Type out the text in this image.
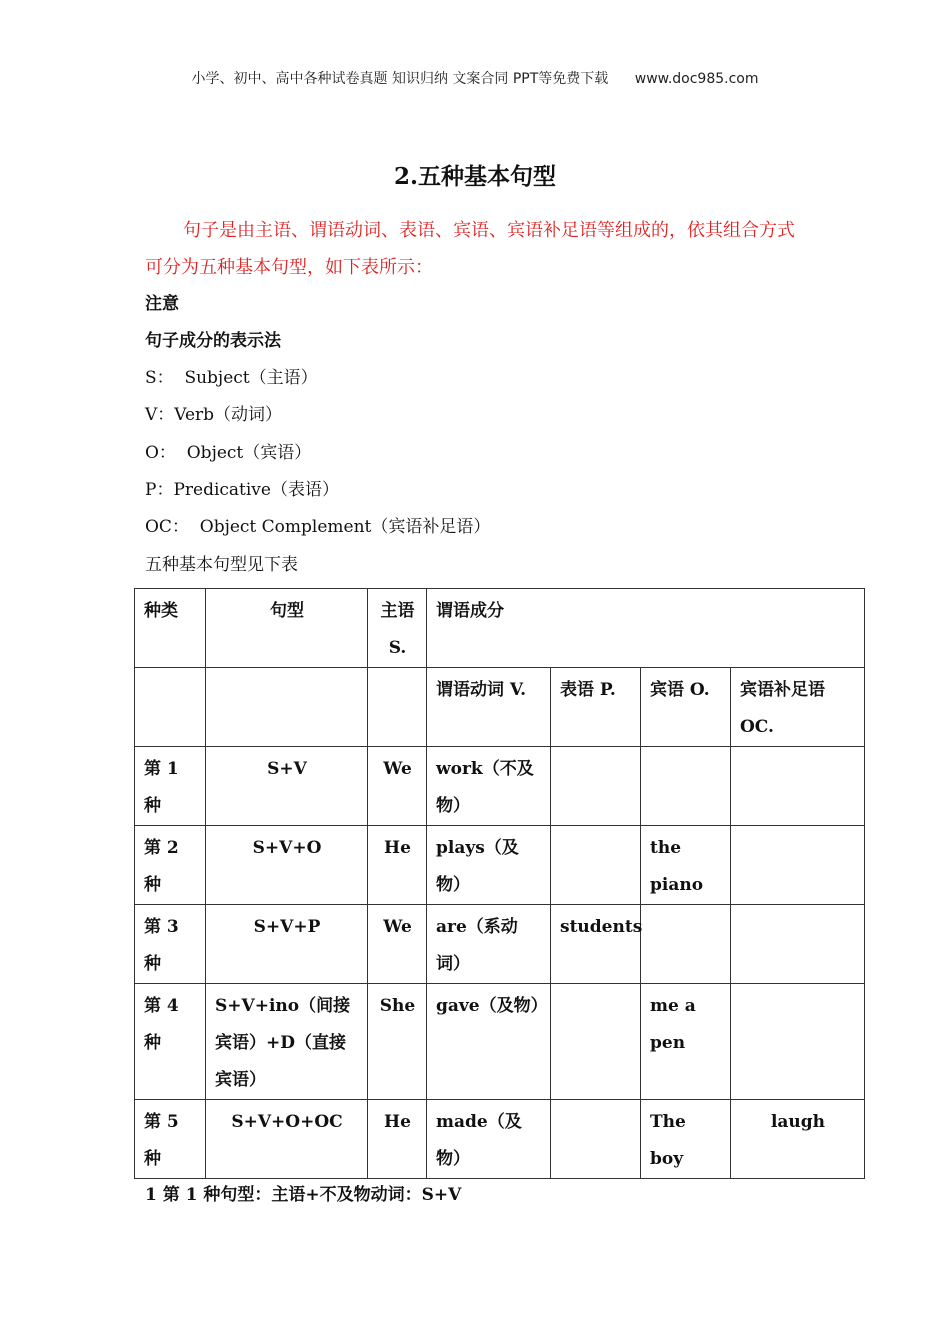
小学、初中、高中各种试卷真题 知识归纳 文案合同 PPT等免费下载 www.doc985.com
2.五种基本句型
句子是由主语、谓语动词、表语、宾语、宾语补足语等组成的，依其组合方式可分为五种基本句型，如下表所示：
注意
句子成分的表示法
S：  Subject（主语）
V：Verb（动词）
O：  Object（宾语）
P：Predicative（表语）
OC：  Object Complement（宾语补足语）
五种基本句型见下表
种类	句型	主语S.	谓语成分			
			谓语动词 V.	表语 P.	宾语 O.	宾语补足语OC.
第 1 种	S+V	We	work（不及物）			
第 2 种	S+V+O	He	plays（及物）		the piano	
第 3 种	S+V+P	We	are（系动词）	students		
第 4 种	S+V+ino（间接宾语）+D（直接宾语）	She	gave（及物）		me a pen	
第 5 种	S+V+O+OC	He	made（及物）		The boy	laugh
1 第 1 种句型：主语+不及物动词：S+V
